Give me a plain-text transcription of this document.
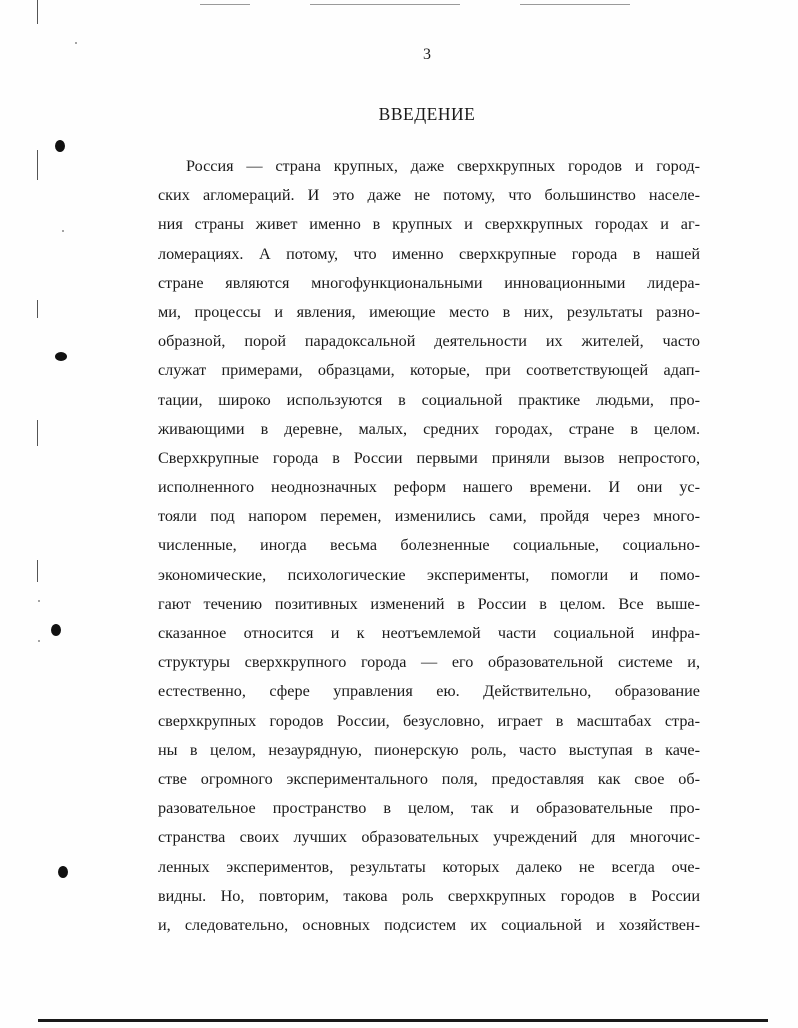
3
ВВЕДЕНИЕ
Россия — страна крупных, даже сверхкрупных городов и город-
ских агломераций. И это даже не потому, что большинство населе-
ния страны живет именно в крупных и сверхкрупных городах и аг-
ломерациях. А потому, что именно сверхкрупные города в нашей
стране являются многофункциональными инновационными лидера-
ми, процессы и явления, имеющие место в них, результаты разно-
образной, порой парадоксальной деятельности их жителей, часто
служат примерами, образцами, которые, при соответствующей адап-
тации, широко используются в социальной практике людьми, про-
живающими в деревне, малых, средних городах, стране в целом.
Сверхкрупные города в России первыми приняли вызов непростого,
исполненного неоднозначных реформ нашего времени. И они ус-
тояли под напором перемен, изменились сами, пройдя через много-
численные, иногда весьма болезненные социальные, социально-
экономические, психологические эксперименты, помогли и помо-
гают течению позитивных изменений в России в целом. Все выше-
сказанное относится и к неотъемлемой части социальной инфра-
структуры сверхкрупного города — его образовательной системе и,
естественно, сфере управления ею. Действительно, образование
сверхкрупных городов России, безусловно, играет в масштабах стра-
ны в целом, незаурядную, пионерскую роль, часто выступая в каче-
стве огромного экспериментального поля, предоставляя как свое об-
разовательное пространство в целом, так и образовательные про-
странства своих лучших образовательных учреждений для многочис-
ленных экспериментов, результаты которых далеко не всегда оче-
видны. Но, повторим, такова роль сверхкрупных городов в России
и, следовательно, основных подсистем их социальной и хозяйствен-
